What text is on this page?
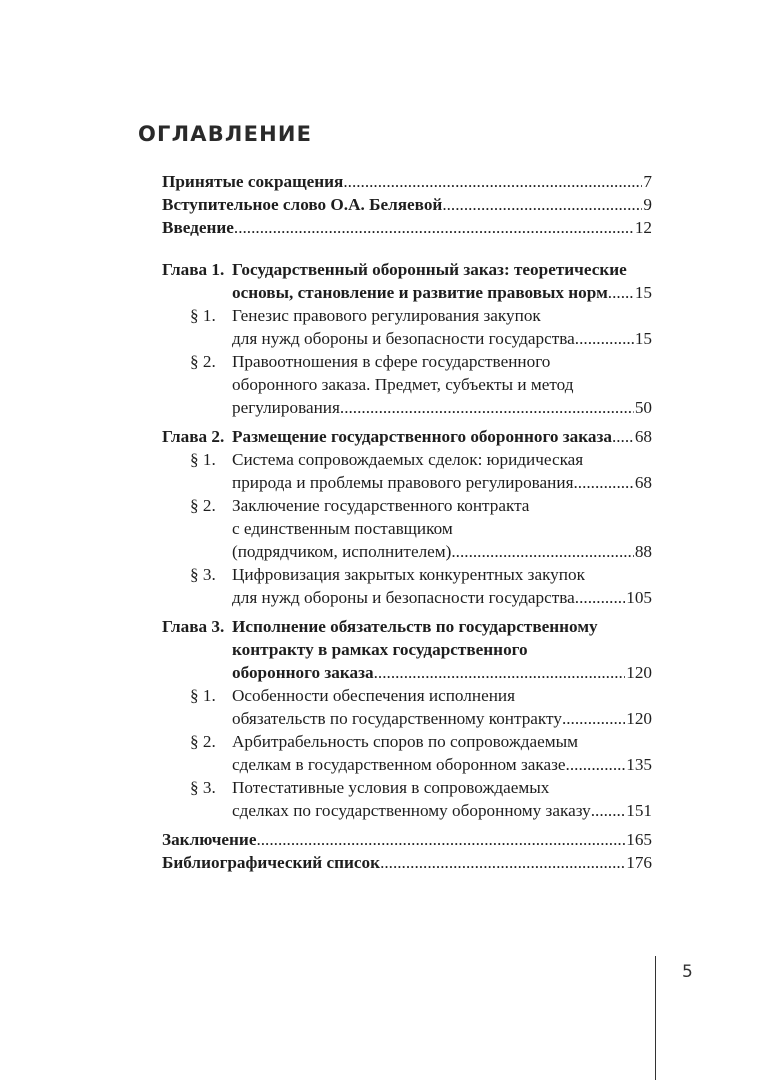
ОГЛАВЛЕНИЕ
Принятые сокращения .....	7
Вступительное слово О.А. Беляевой .....	9
Введение .....	12
Глава 1. Государственный оборонный заказ: теоретические
основы, становление и развитие правовых норм ..... 15
§ 1. Генезис правового регулирования закупок
для нужд обороны и безопасности государства .....	15
§ 2. Правоотношения в сфере государственного
оборонного заказа. Предмет, субъекты и метод
регулирования .....	50
Глава 2. Размещение государственного оборонного заказа ..... 68
§ 1. Система сопровождаемых сделок: юридическая
природа и проблемы правового регулирования .....	68
§ 2. Заключение государственного контракта
с единственным поставщиком
(подрядчиком, исполнителем) .....	88
§ 3. Цифровизация закрытых конкурентных закупок
для нужд обороны и безопасности государства .....	105
Глава 3. Исполнение обязательств по государственному
контракту в рамках государственного
оборонного заказа .....	120
§ 1. Особенности обеспечения исполнения
обязательств по государственному контракту .....	120
§ 2. Арбитрабельность споров по сопровождаемым
сделкам в государственном оборонном заказе .....	135
§ 3. Потестативные условия в сопровождаемых
сделках по государственному оборонному заказу ..... 151
Заключение .....	165
Библиографический список .....	176
5
